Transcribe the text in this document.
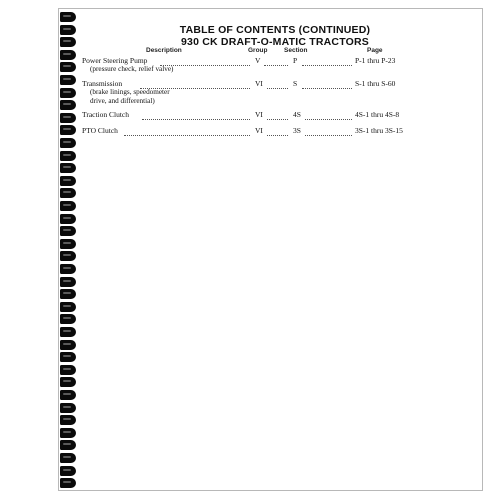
TABLE OF CONTENTS (CONTINUED)
930 CK DRAFT-O-MATIC TRACTORS
Description	Group	Section	Page
Power Steering Pump	V	P	P-1 thru P-23
(pressure check, relief valve)
Transmission	VI	S	S-1 thru S-60
(brake linings, speedometer
drive, and differential)
Traction Clutch	VI	4S	4S-1 thru 4S-8
PTO Clutch	VI	3S	3S-1 thru 3S-15
